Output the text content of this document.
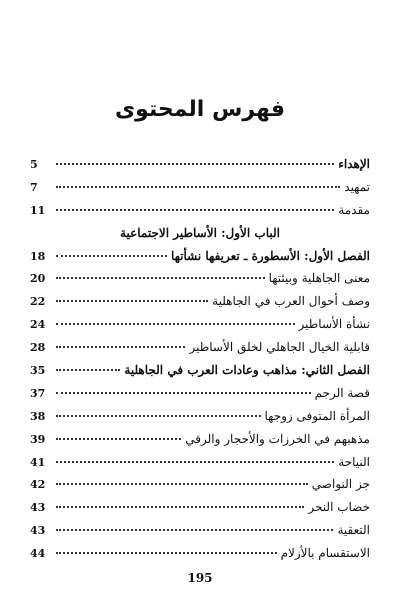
فهرس المحتوى
الإهداء
5
تمهيد
7
مقدمة
11
الباب الأول: الأساطير الاجتماعية
الفصل الأول: الأسطورة ـ تعريفها نشأتها
18
معنى الجاهلية وبيئتها
20
وصف أحوال العرب في الجاهلية
22
نشأة الأساطير
24
قابلية الخيال الجاهلي لخلق الأساطير
28
الفصل الثاني: مذاهب وعادات العرب في الجاهلية
35
قصة الرجم
37
المرأة المتوفى زوجها
38
مذهبهم في الخرزات والأحجار والرقي
39
النياحة
41
جز النواصي
42
خضاب النحر
43
التعقية
43
الاستقسام بالأزلام
44
195
